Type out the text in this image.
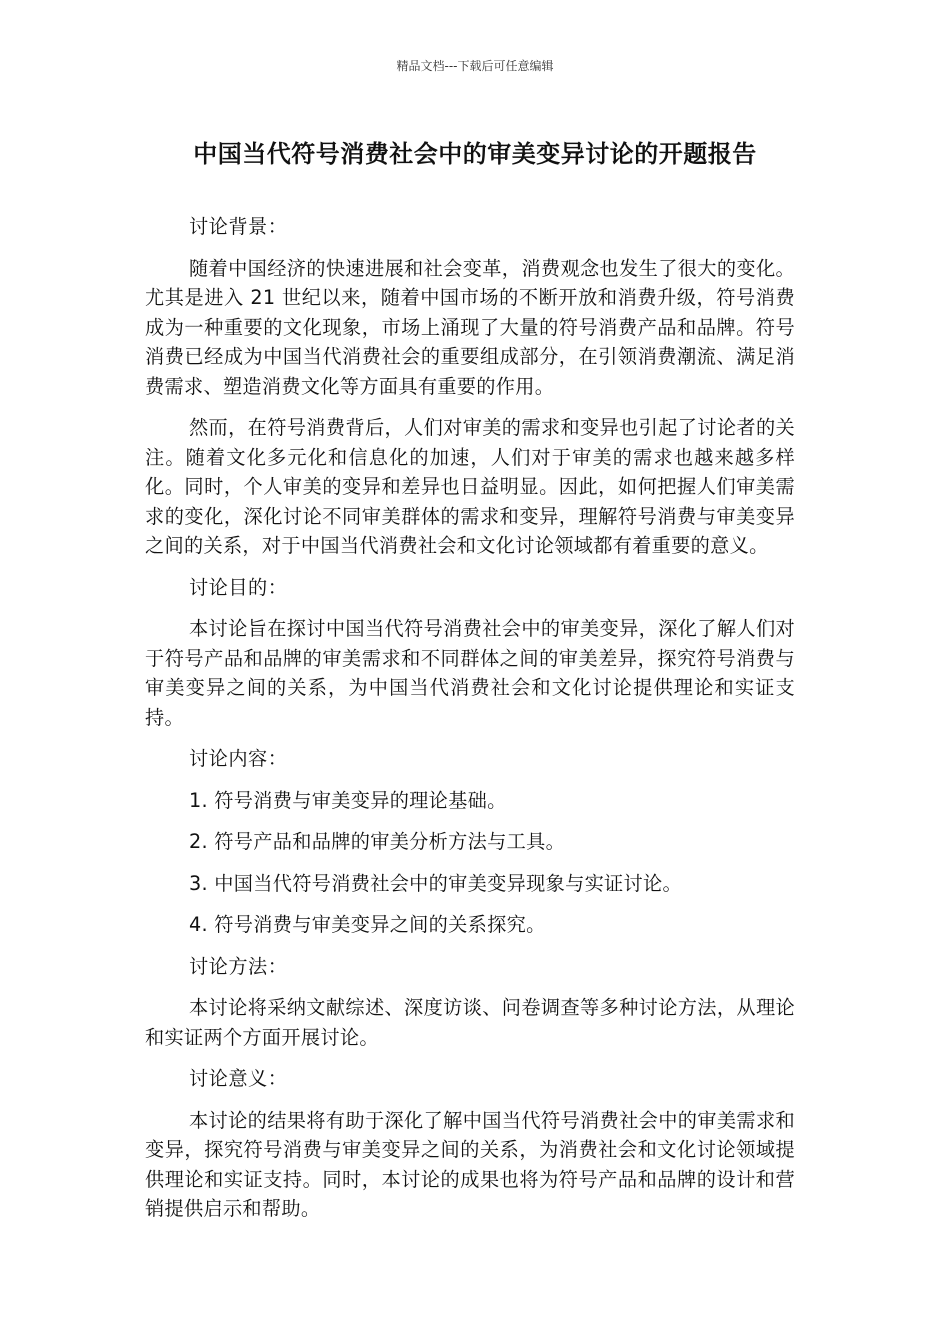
精品文档---下载后可任意编辑
中国当代符号消费社会中的审美变异讨论的开题报告

讨论背景：

随着中国经济的快速进展和社会变革，消费观念也发生了很大的变化。尤其是进入 21 世纪以来，随着中国市场的不断开放和消费升级，符号消费成为一种重要的文化现象，市场上涌现了大量的符号消费产品和品牌。符号消费已经成为中国当代消费社会的重要组成部分，在引领消费潮流、满足消费需求、塑造消费文化等方面具有重要的作用。

然而，在符号消费背后，人们对审美的需求和变异也引起了讨论者的关注。随着文化多元化和信息化的加速，人们对于审美的需求也越来越多样化。同时，个人审美的变异和差异也日益明显。因此，如何把握人们审美需求的变化，深化讨论不同审美群体的需求和变异，理解符号消费与审美变异之间的关系，对于中国当代消费社会和文化讨论领域都有着重要的意义。

讨论目的：

本讨论旨在探讨中国当代符号消费社会中的审美变异，深化了解人们对于符号产品和品牌的审美需求和不同群体之间的审美差异，探究符号消费与审美变异之间的关系，为中国当代消费社会和文化讨论提供理论和实证支持。

讨论内容：

1. 符号消费与审美变异的理论基础。

2. 符号产品和品牌的审美分析方法与工具。

3. 中国当代符号消费社会中的审美变异现象与实证讨论。

4. 符号消费与审美变异之间的关系探究。

讨论方法：

本讨论将采纳文献综述、深度访谈、问卷调查等多种讨论方法，从理论和实证两个方面开展讨论。

讨论意义：

本讨论的结果将有助于深化了解中国当代符号消费社会中的审美需求和变异，探究符号消费与审美变异之间的关系，为消费社会和文化讨论领域提供理论和实证支持。同时，本讨论的成果也将为符号产品和品牌的设计和营销提供启示和帮助。
